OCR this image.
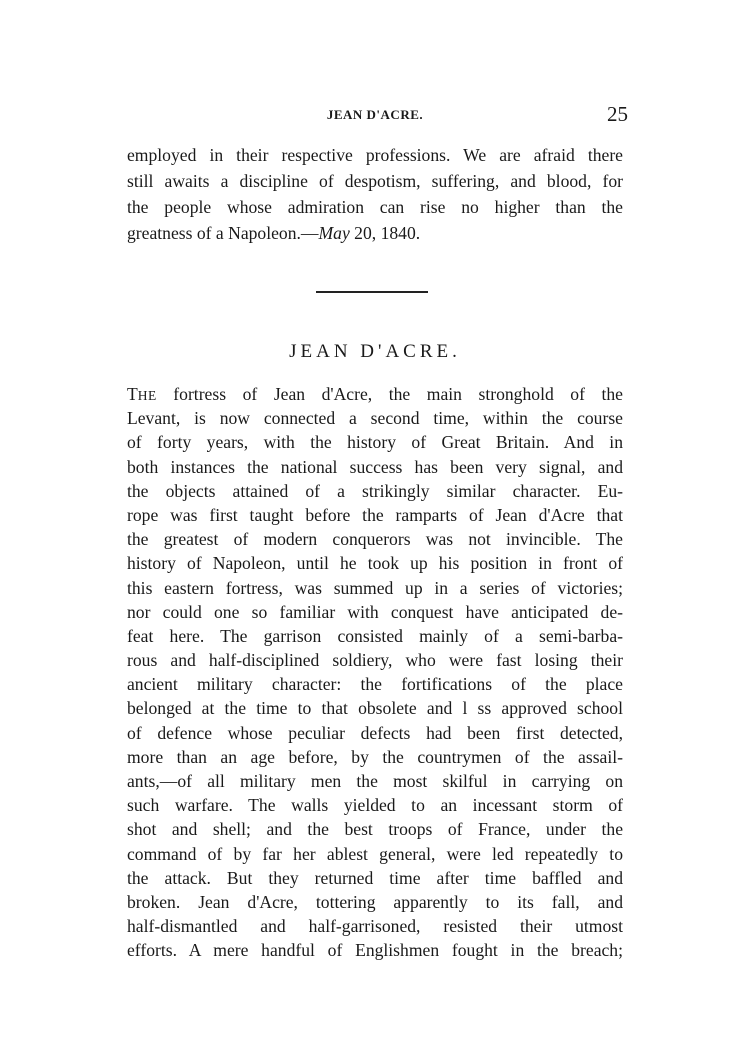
JEAN D'ACRE.	25

employed in their respective professions. We are afraid there
still awaits a discipline of despotism, suffering, and blood, for
the people whose admiration can rise no higher than the
greatness of a Napoleon.—May 20, 1840.

JEAN D'ACRE.

THE fortress of Jean d'Acre, the main stronghold of the
Levant, is now connected a second time, within the course
of forty years, with the history of Great Britain. And in
both instances the national success has been very signal, and
the objects attained of a strikingly similar character. Eu-
rope was first taught before the ramparts of Jean d'Acre that
the greatest of modern conquerors was not invincible. The
history of Napoleon, until he took up his position in front of
this eastern fortress, was summed up in a series of victories;
nor could one so familiar with conquest have anticipated de-
feat here. The garrison consisted mainly of a semi-barba-
rous and half-disciplined soldiery, who were fast losing their
ancient military character: the fortifications of the place
belonged at the time to that obsolete and l ss approved school
of defence whose peculiar defects had been first detected,
more than an age before, by the countrymen of the assail-
ants,—of all military men the most skilful in carrying on
such warfare. The walls yielded to an incessant storm of
shot and shell; and the best troops of France, under the
command of by far her ablest general, were led repeatedly to
the attack. But they returned time after time baffled and
broken. Jean d'Acre, tottering apparently to its fall, and
half-dismantled and half-garrisoned, resisted their utmost
efforts. A mere handful of Englishmen fought in the breach;
